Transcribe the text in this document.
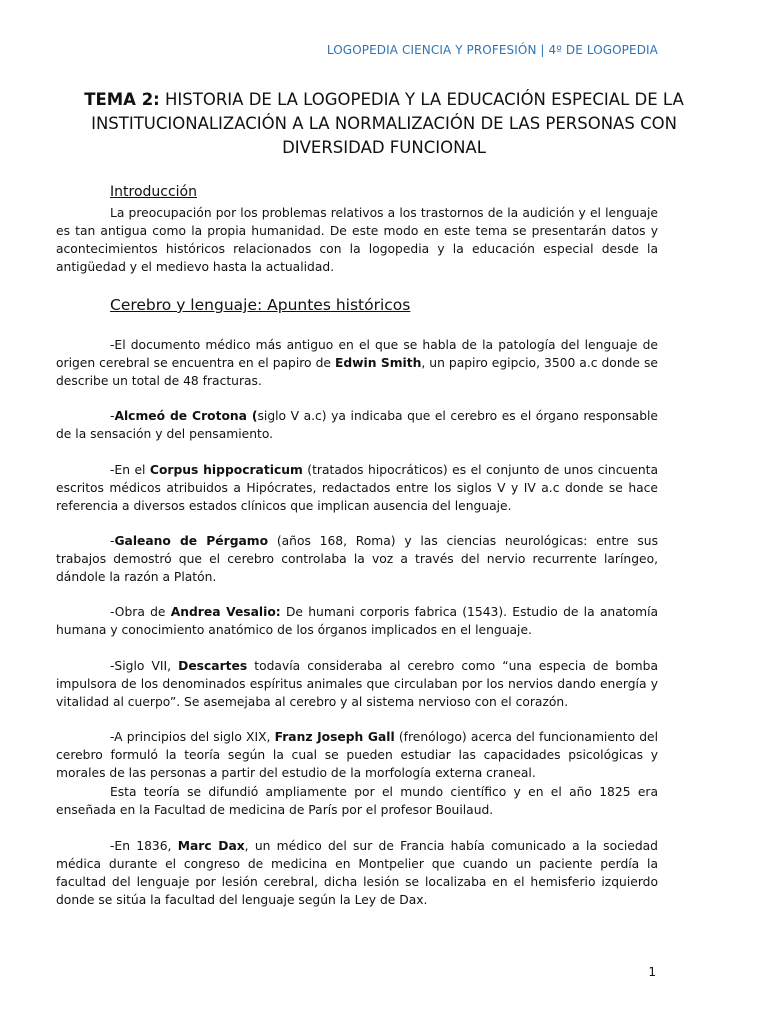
LOGOPEDIA CIENCIA Y PROFESIÓN | 4º DE LOGOPEDIA
TEMA 2: HISTORIA DE LA LOGOPEDIA Y LA EDUCACIÓN ESPECIAL DE LA INSTITUCIONALIZACIÓN A LA NORMALIZACIÓN DE LAS PERSONAS CON DIVERSIDAD FUNCIONAL
Introducción
La preocupación por los problemas relativos a los trastornos de la audición y el lenguaje es tan antigua como la propia humanidad. De este modo en este tema se presentarán datos y acontecimientos históricos relacionados con la logopedia y la educación especial desde la antigüedad y el medievo hasta la actualidad.
Cerebro y lenguaje: Apuntes históricos
-El documento médico más antiguo en el que se habla de la patología del lenguaje de origen cerebral se encuentra en el papiro de Edwin Smith, un papiro egipcio, 3500 a.c donde se describe un total de 48 fracturas.
-Alcmeó de Crotona (siglo V a.c) ya indicaba que el cerebro es el órgano responsable de la sensación y del pensamiento.
-En el Corpus hippocraticum (tratados hipocráticos) es el conjunto de unos cincuenta escritos médicos atribuidos a Hipócrates, redactados entre los siglos V y IV a.c donde se hace referencia a diversos estados clínicos que implican ausencia del lenguaje.
-Galeano de Pérgamo (años 168, Roma) y las ciencias neurológicas: entre sus trabajos demostró que el cerebro controlaba la voz a través del nervio recurrente laríngeo, dándole la razón a Platón.
-Obra de Andrea Vesalio: De humani corporis fabrica (1543). Estudio de la anatomía humana y conocimiento anatómico de los órganos implicados en el lenguaje.
-Siglo VII, Descartes todavía consideraba al cerebro como “una especia de bomba impulsora de los denominados espíritus animales que circulaban por los nervios dando energía y vitalidad al cuerpo”. Se asemejaba al cerebro y al sistema nervioso con el corazón.
-A principios del siglo XIX, Franz Joseph Gall (frenólogo) acerca del funcionamiento del cerebro formuló la teoría según la cual se pueden estudiar las capacidades psicológicas y morales de las personas a partir del estudio de la morfología externa craneal.
Esta teoría se difundió ampliamente por el mundo científico y en el año 1825 era enseñada en la Facultad de medicina de París por el profesor Bouilaud.
-En 1836, Marc Dax, un médico del sur de Francia había comunicado a la sociedad médica durante el congreso de medicina en Montpelier que cuando un paciente perdía la facultad del lenguaje por lesión cerebral, dicha lesión se localizaba en el hemisferio izquierdo donde se sitúa la facultad del lenguaje según la Ley de Dax.
1
